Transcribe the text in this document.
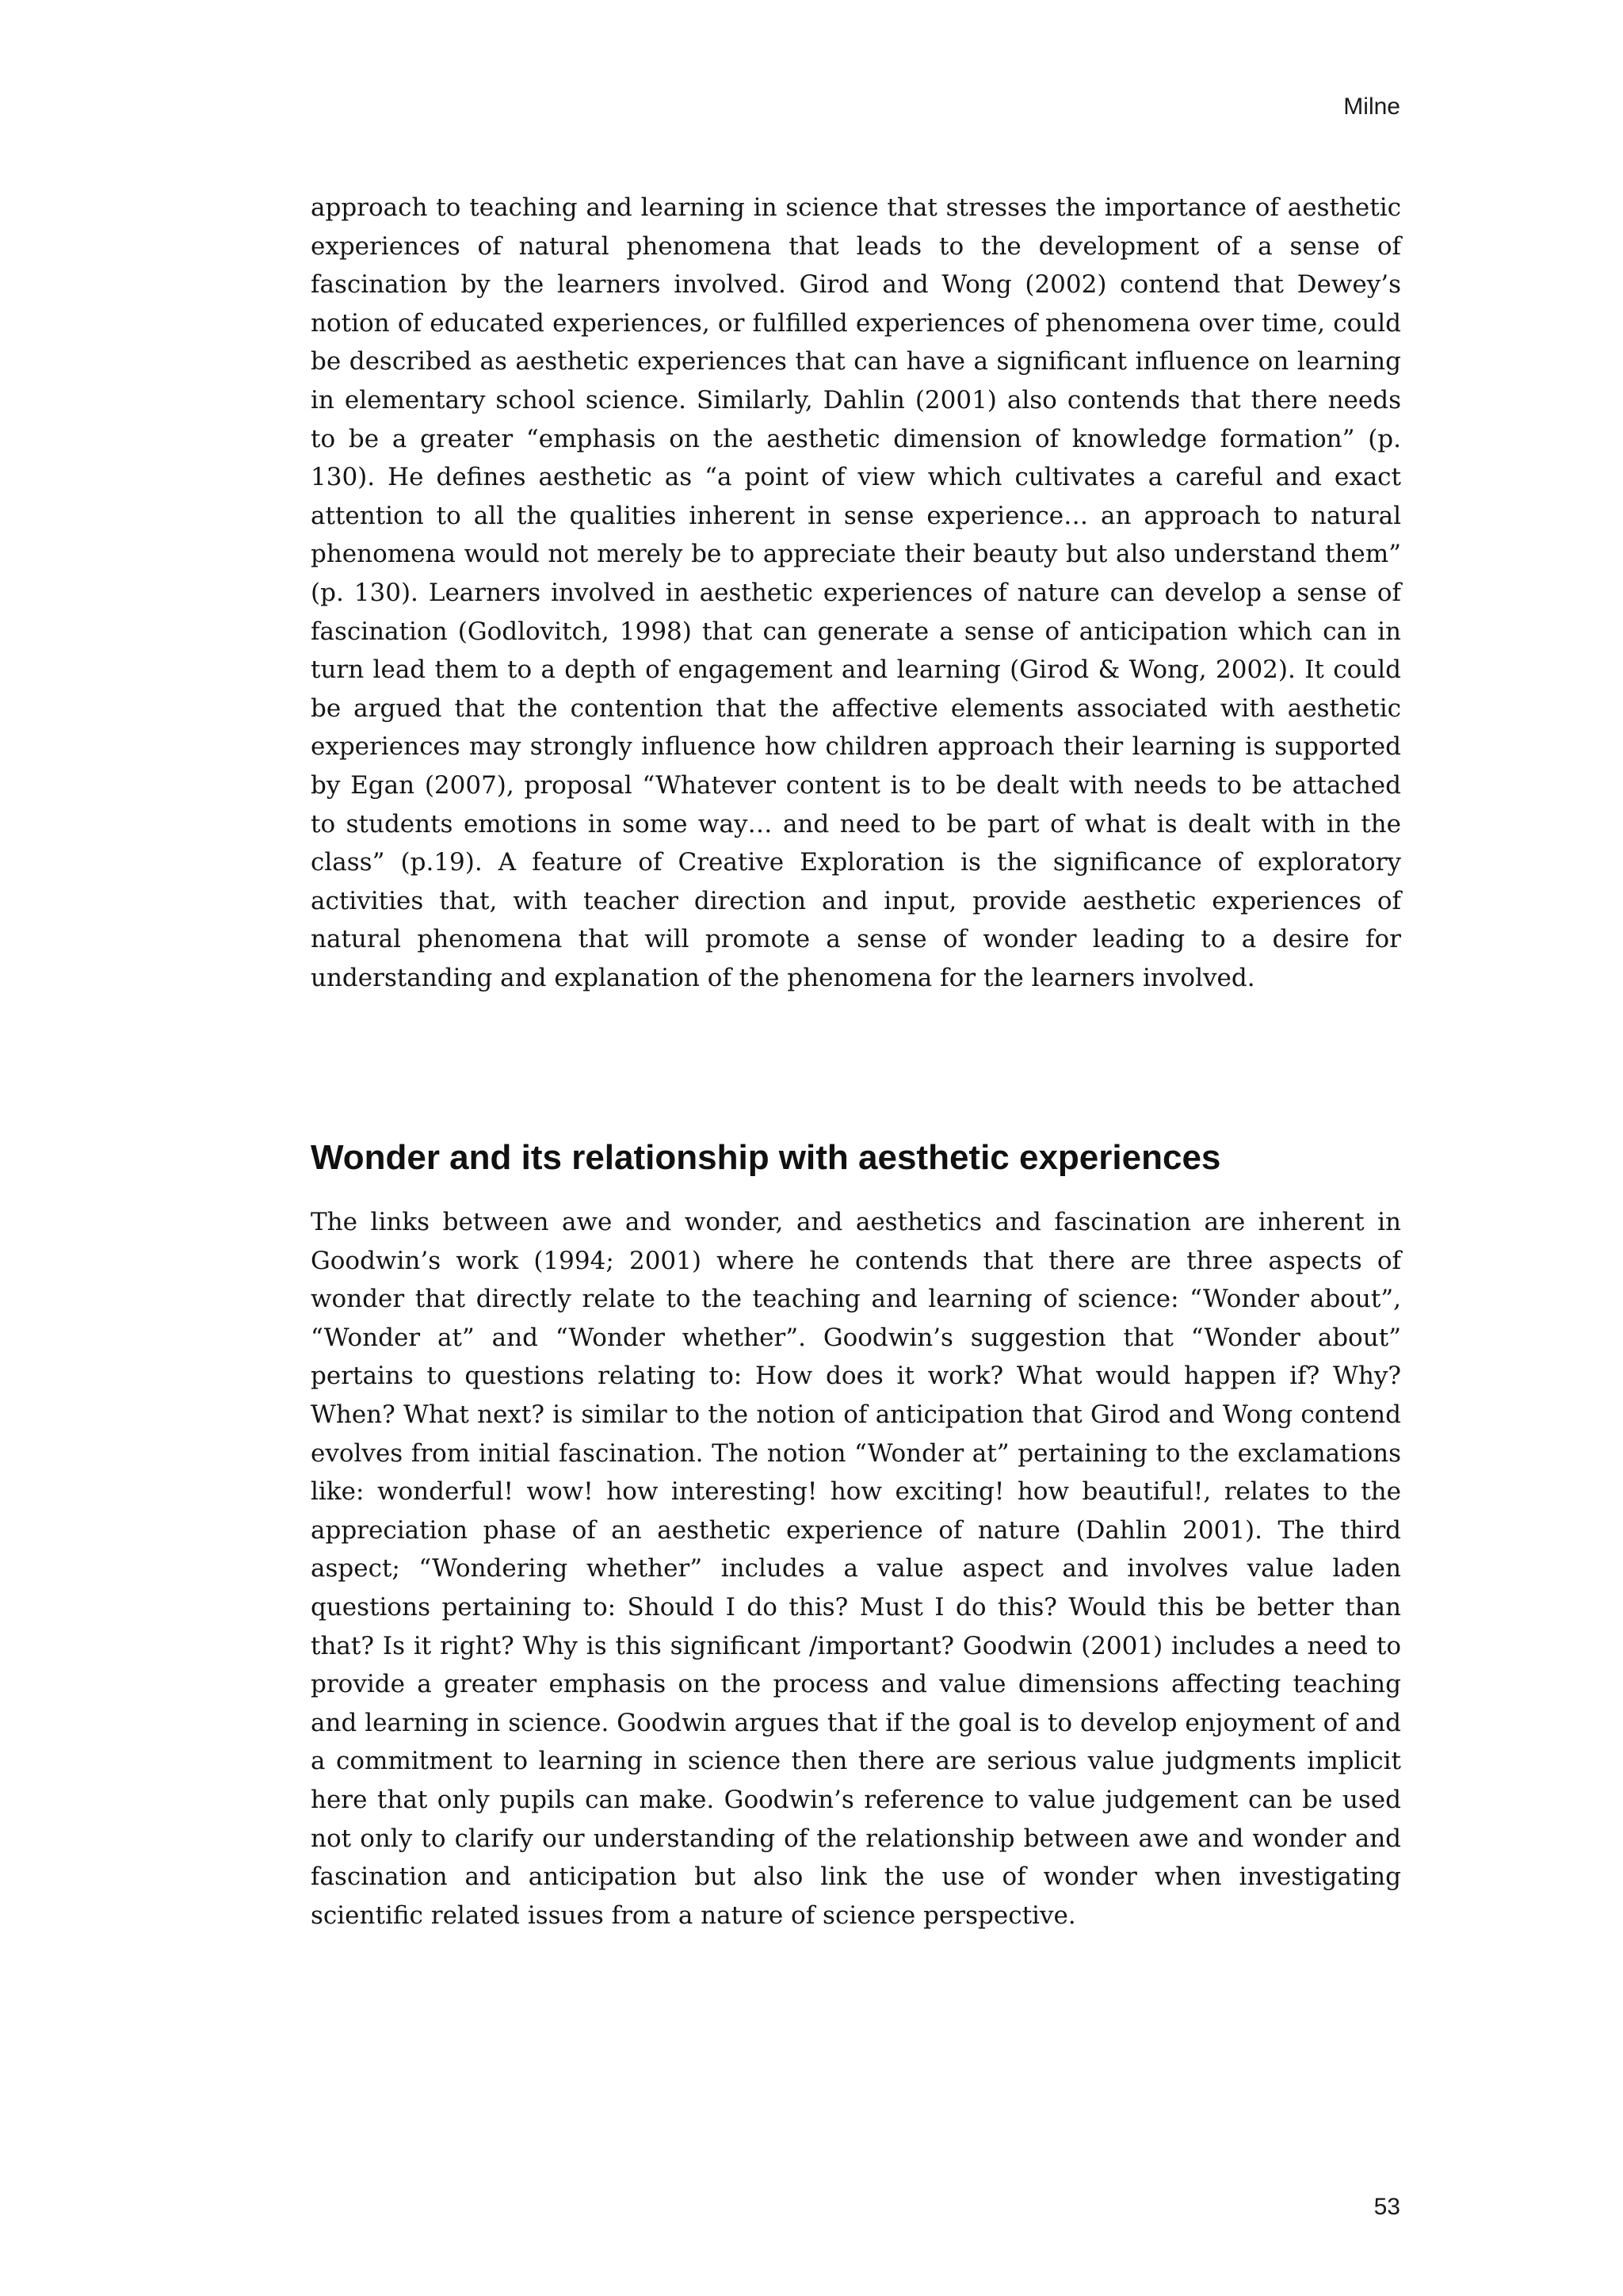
Milne

approach to teaching and learning in science that stresses the importance of aesthetic experiences of natural phenomena that leads to the development of a sense of fascination by the learners involved. Girod and Wong (2002) contend that Dewey’s notion of educated experiences, or fulfilled experiences of phenomena over time, could be described as aesthetic experiences that can have a significant influence on learning in elementary school science. Similarly, Dahlin (2001) also contends that there needs to be a greater “emphasis on the aesthetic dimension of knowledge formation” (p. 130). He defines aesthetic as “a point of view which cultivates a careful and exact attention to all the qualities inherent in sense experience… an approach to natural phenomena would not merely be to appreciate their beauty but also understand them” (p. 130). Learners involved in aesthetic experiences of nature can develop a sense of fascination (Godlovitch, 1998) that can generate a sense of anticipation which can in turn lead them to a depth of engagement and learning (Girod & Wong, 2002). It could be argued that the contention that the affective elements associated with aesthetic experiences may strongly influence how children approach their learning is supported by Egan (2007), proposal “Whatever content is to be dealt with needs to be attached to students emotions in some way… and need to be part of what is dealt with in the class” (p.19). A feature of Creative Exploration is the significance of exploratory activities that, with teacher direction and input, provide aesthetic experiences of natural phenomena that will promote a sense of wonder leading to a desire for understanding and explanation of the phenomena for the learners involved.

Wonder and its relationship with aesthetic experiences

The links between awe and wonder, and aesthetics and fascination are inherent in Goodwin’s work (1994; 2001) where he contends that there are three aspects of wonder that directly relate to the teaching and learning of science: “Wonder about”, “Wonder at” and “Wonder whether”. Goodwin’s suggestion that “Wonder about” pertains to questions relating to: How does it work? What would happen if? Why? When? What next? is similar to the notion of anticipation that Girod and Wong contend evolves from initial fascination. The notion “Wonder at” pertaining to the exclamations like: wonderful! wow! how interesting! how exciting! how beautiful!, relates to the appreciation phase of an aesthetic experience of nature (Dahlin 2001). The third aspect; “Wondering whether” includes a value aspect and involves value laden questions pertaining to: Should I do this? Must I do this? Would this be better than that? Is it right? Why is this significant /important? Goodwin (2001) includes a need to provide a greater emphasis on the process and value dimensions affecting teaching and learning in science. Goodwin argues that if the goal is to develop enjoyment of and a commitment to learning in science then there are serious value judgments implicit here that only pupils can make. Goodwin’s reference to value judgement can be used not only to clarify our understanding of the relationship between awe and wonder and fascination and anticipation but also link the use of wonder when investigating scientific related issues from a nature of science perspective.

53
